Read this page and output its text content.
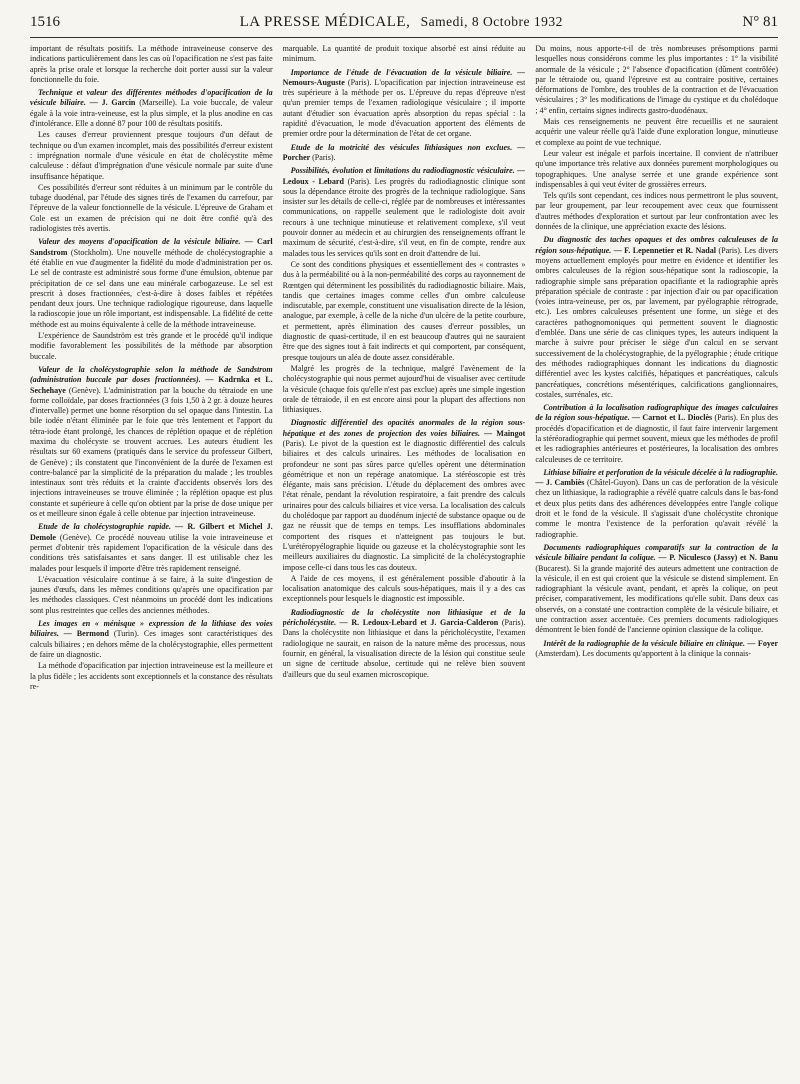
1516	LA PRESSE MÉDICALE, Samedi, 8 Octobre 1932	N° 81

important de résultats positifs. La méthode intraveineuse conserve des indications particulièrement dans les cas où l'opacification ne s'est pas faite après la prise orale et lorsque la recherche doit porter aussi sur la valeur fonctionnelle du foie.

Technique et valeur des différentes méthodes d'opacification de la vésicule biliaire. — J. Garcin (Marseille). La voie buccale, de valeur égale à la voie intra-veineuse, est la plus simple, et la plus anodine en cas d'intolérance. Elle a donné 87 pour 100 de résultats positifs.

Les causes d'erreur proviennent presque toujours d'un défaut de technique ou d'un examen incomplet, mais des possibilités d'erreur existent : imprégnation normale d'une vésicule en état de cholécystite même calculeuse : défaut d'imprégnation d'une vésicule normale par suite d'une insuffisance hépatique.

Ces possibilités d'erreur sont réduites à un minimum par le contrôle du tubage duodénal, par l'étude des signes tirés de l'examen du carrefour, par l'épreuve de la valeur fonctionnelle de la vésicule. L'épreuve de Graham et Cole est un examen de précision qui ne doit être confié qu'à des radiologistes très avertis.

Valeur des moyens d'opacification de la vésicule biliaire. — Carl Sandstrom (Stockholm). Une nouvelle méthode de cholécystographie a été établie en vue d'augmenter la fidélité du mode d'administration per os. Le sel de contraste est administré sous forme d'une émulsion, obtenue par précipitation de ce sel dans une eau minérale carbogazeuse. Le sel est prescrit à doses fractionnées, c'est-à-dire à doses faibles et répétées pendant deux jours. Une technique radiologique rigoureuse, dans laquelle la radioscopie joue un rôle important, est indispensable. La fidélité de cette méthode est au moins équivalente à celle de la méthode intraveineuse.

L'expérience de Saundström est très grande et le procédé qu'il indique modifie favorablement les possibilités de la méthode par absorption buccale.

Valeur de la cholécystographie selon la méthode de Sandstrom (administration buccale par doses fractionnées). — Kadrnka et L. Sechehaye (Genève). L'administration par la bouche du tétraiode en une forme colloïdale, par doses fractionnées (3 fois 1,50 à 2 gr. à douze heures d'intervalle) permet une bonne résorption du sel opaque dans l'intestin. La bile iodée n'étant éliminée par le foie que très lentement et l'apport du tétra-iode étant prolongé, les chances de réplétion opaque et de réplétion maxima du cholécyste se trouvent accrues. Les auteurs étudient les résultats sur 60 examens (pratiqués dans le service du professeur Gilbert, de Genève) ; ils constatent que l'inconvénient de la durée de l'examen est contre-balancé par la simplicité de la préparation du malade ; les troubles intestinaux sont très réduits et la crainte d'accidents observés lors des injections intraveineuses se trouve éliminée ; la réplétion opaque est plus constante et supérieure à celle qu'on obtient par la prise de dose unique per os et meilleure sinon égale à celle obtenue par injection intraveineuse.

Etude de la cholécystographie rapide. — R. Gilbert et Michel J. Demole (Genève). Ce procédé nouveau utilise la voie intraveineuse et permet d'obtenir très rapidement l'opacification de la vésicule dans des conditions très satisfaisantes et sans danger. Il est utilisable chez les malades pour lesquels il importe d'être très rapidement renseigné.

L'évacuation vésiculaire continue à se faire, à la suite d'ingestion de jaunes d'œufs, dans les mêmes conditions qu'après une opacification par les méthodes classiques. C'est néanmoins un procédé dont les indications sont plus restreintes que celles des anciennes méthodes.

Les images en « ménisque » expression de la lithiase des voies biliaires. — Bermond (Turin). Ces images sont caractéristiques des calculs biliaires ; en dehors même de la cholécystographie, elles permettent de faire un diagnostic.

La méthode d'opacification par injection intraveineuse est la meilleure et la plus fidèle ; les accidents sont exceptionnels et la constance des résultats re-

marquable. La quantité de produit toxique absorbé est ainsi réduite au minimum.

Importance de l'étude de l'évacuation de la vésicule biliaire. — Nemours-Auguste (Paris). L'opacification par injection intraveineuse est très supérieure à la méthode per os. L'épreuve du repas d'épreuve n'est qu'un premier temps de l'examen radiologique vésiculaire ; il importe autant d'étudier son évacuation après absorption du repas spécial : la rapidité d'évacuation, le mode d'évacuation apportent des éléments de premier ordre pour la détermination de l'état de cet organe.

Etude de la motricité des vésicules lithiasiques non exclues. — Porcher (Paris).

Possibilités, évolution et limitations du radiodiagnostic vésiculaire. — Ledoux - Lebard (Paris). Les progrès du radiodiagnostic clinique sont sous la dépendance étroite des progrès de la technique radiologique. Sans insister sur les détails de celle-ci, réglée par de nombreuses et intéressantes communications, on rappelle seulement que le radiologiste doit avoir recours à une technique minutieuse et relativement complexe, s'il veut pouvoir donner au médecin et au chirurgien des renseignements offrant le maximum de sécurité, c'est-à-dire, s'il veut, en fin de compte, rendre aux malades tous les services qu'ils sont en droit d'attendre de lui.

Ce sont des conditions physiques et essentiellement des « contrastes » dus à la perméabilité ou à la non-perméabilité des corps au rayonnement de Rœntgen qui déterminent les possibilités du radiodiagnostic biliaire. Mais, tandis que certaines images comme celles d'un ombre calculeuse indiscutable, par exemple, constituent une visualisation directe de la lésion, analogue, par exemple, à celle de la niche d'un ulcère de la petite courbure, et permettent, après élimination des causes d'erreur possibles, un diagnostic de quasi-certitude, il en est beaucoup d'autres qui ne sauraient être que des signes tout à fait indirects et qui comportent, par conséquent, presque toujours un aléa de doute assez considérable.

Malgré les progrès de la technique, malgré l'avènement de la cholécystographie qui nous permet aujourd'hui de visualiser avec certitude la vésicule (chaque fois qu'elle n'est pas exclue) après une simple ingestion orale de tétraiode, il en est encore ainsi pour la plupart des affections non lithiasiques.

Diagnostic différentiel des opacités anormales de la région sous-hépatique et des zones de projection des voies biliaires. — Maingot (Paris). Le pivot de la question est le diagnostic différentiel des calculs biliaires et des calculs urinaires. Les méthodes de localisation en profondeur ne sont pas sûres parce qu'elles opèrent une détermination géométrique et non un repérage anatomique. La stéréoscopie est très élégante, mais sans précision. L'étude du déplacement des ombres avec l'état rénale, pendant la révolution respiratoire, a fait prendre des calculs urinaires pour des calculs biliaires et vice versa. La localisation des calculs du cholédoque par rapport au duodénum injecté de substance opaque ou de gaz ne réussit que de temps en temps. Les insufflations abdominales comportent des risques et n'atteignent pas toujours le but. L'urétéropyélographie liquide ou gazeuse et la cholécystographie sont les meilleurs auxiliaires du diagnostic. La simplicité de la cholécystographie impose celle-ci dans tous les cas douteux.

A l'aide de ces moyens, il est généralement possible d'aboutir à la localisation anatomique des calculs sous-hépatiques, mais il y a des cas exceptionnels pour lesquels le diagnostic est impossible.

Radiodiagnostic de la cholécystite non lithiasique et de la péricholécystite. — R. Ledoux-Lebard et J. Garcia-Calderon (Paris). Dans la cholécystite non lithiasique et dans la péricholécystite, l'examen radiologique ne saurait, en raison de la nature même des processus, nous fournir, en général, la visualisation directe de la lésion qui constitue seule un signe de certitude absolue, certitude qui ne relève bien souvent d'ailleurs que du seul examen microscopique.

Du moins, nous apporte-t-il de très nombreuses présomptions parmi lesquelles nous considérons comme les plus importantes : 1° la visibilité anormale de la vésicule ; 2° l'absence d'opacification (dûment contrôlée) par le tétraiode ou, quand l'épreuve est au contraire positive, certaines déformations de l'ombre, des troubles de la contraction et de l'évacuation vésiculaires ; 3° les modifications de l'image du cystique et du cholédoque ; 4° enfin, certains signes indirects gastro-duodénaux.

Mais ces renseignements ne peuvent être recueillis et ne sauraient acquérir une valeur réelle qu'à l'aide d'une exploration longue, minutieuse et complexe au point de vue technique.

Leur valeur est inégale et parfois incertaine. Il convient de n'attribuer qu'une importance très relative aux données purement morphologiques ou topographiques. Une analyse serrée et une grande expérience sont indispensables à qui veut éviter de grossières erreurs.

Tels qu'ils sont cependant, ces indices nous permettront le plus souvent, par leur groupement, par leur recoupement avec ceux que fournissent d'autres méthodes d'exploration et surtout par leur confrontation avec les données de la clinique, une appréciation exacte des lésions.

Du diagnostic des taches opaques et des ombres calculeuses de la région sous-hépatique. — F. Lepennetier et R. Nadal (Paris). Les divers moyens actuellement employés pour mettre en évidence et identifier les ombres calculeuses de la région sous-hépatique sont la radioscopie, la radiographie simple sans préparation opacifiante et la radiographie après préparation spéciale de contraste : par injection d'air ou par opacification (voies intra-veineuse, per os, par lavement, par pyélographie rétrograde, etc.). Les ombres calculeuses présentent une forme, un siège et des caractères pathognomoniques qui permettent souvent le diagnostic d'emblée. Dans une série de cas cliniques types, les auteurs indiquent la marche à suivre pour préciser le siège d'un calcul en se servant successivement de la cholécystographie, de la pyélographie ; étude critique des méthodes radiographiques donnant les indications du diagnostic différentiel avec les kystes calcifiés, hépatiques et pancréatiques, calculs pancréatiques, concrétions mésentériques, calcifications ganglionnaires, costales, surrénales, etc.

Contribution à la localisation radiographique des images calculaires de la région sous-hépatique. — Carnot et L. Dioclès (Paris). En plus des procédés d'opacification et de diagnostic, il faut faire intervenir largement la stéréoradiographie qui permet souvent, mieux que les méthodes de profil et les radiographies antérieures et postérieures, la localisation des ombres calculeuses de ce territoire.

Lithiase biliaire et perforation de la vésicule décelée à la radiographie. — J. Cambiès (Châtel-Guyon). Dans un cas de perforation de la vésicule chez un lithiasique, la radiographie a révélé quatre calculs dans le bas-fond et deux plus petits dans des adhérences développées entre l'angle colique droit et le fond de la vésicule. Il s'agissait d'une cholécystite chronique comme le montra l'existence de la perforation qu'avait révélé la radiographie.

Documents radiographiques comparatifs sur la contraction de la vésicule biliaire pendant la colique. — P. Niculesco (Jassy) et N. Banu (Bucarest). Si la grande majorité des auteurs admettent une contraction de la vésicule, il en est qui croient que la vésicule se distend simplement. En radiographiant la vésicule avant, pendant, et après la colique, on peut préciser, comparativement, les modifications qu'elle subit. Dans deux cas observés, on a constaté une contraction complète de la vésicule biliaire, et une contraction assez accentuée. Ces premiers documents radiologiques démontrent le bien fondé de l'ancienne opinion classique de la colique.

Intérêt de la radiographie de la vésicule biliaire en clinique. — Foyer (Amsterdam). Les documents qu'apportent à la clinique la connais-
